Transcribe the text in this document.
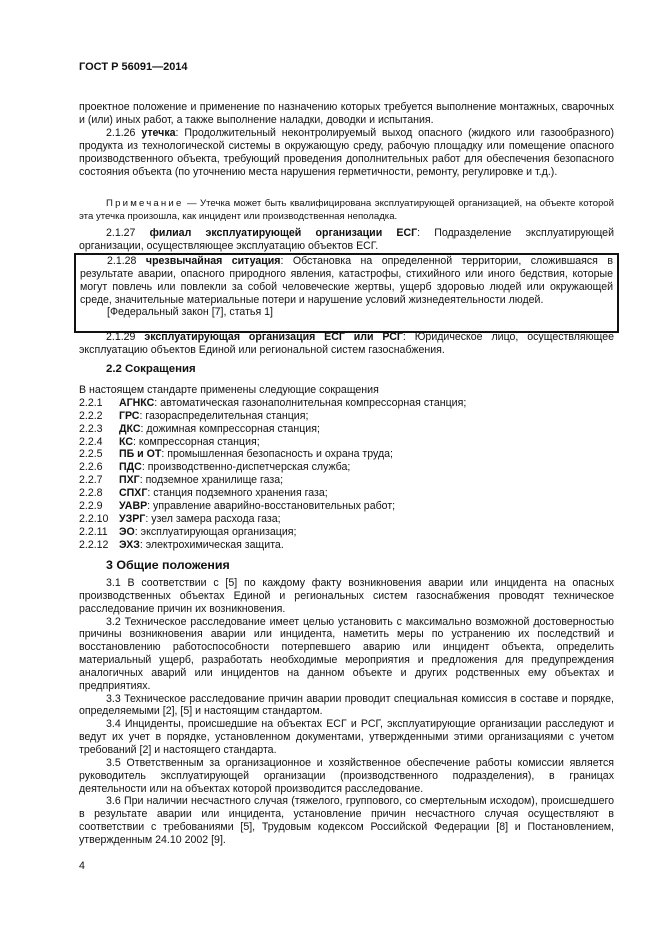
ГОСТ Р 56091—2014
проектное положение и применение по назначению которых требуется выполнение монтажных, сварочных и (или) иных работ, а также выполнение наладки, доводки и испытания.
2.1.26 утечка: Продолжительный неконтролируемый выход опасного (жидкого или газообразного) продукта из технологической системы в окружающую среду, рабочую площадку или помещение опасного производственного объекта, требующий проведения дополнительных работ для обеспечения безопасного состояния объекта (по уточнению места нарушения герметичности, ремонту, регулировке и т.д.).
Примечание — Утечка может быть квалифицирована эксплуатирующей организацией, на объекте которой эта утечка произошла, как инцидент или производственная неполадка.
2.1.27 филиал эксплуатирующей организации ЕСГ: Подразделение эксплуатирующей организации, осуществляющее эксплуатацию объектов ЕСГ.
2.1.28 чрезвычайная ситуация: Обстановка на определенной территории, сложившаяся в результате аварии, опасного природного явления, катастрофы, стихийного или иного бедствия, которые могут повлечь или повлекли за собой человеческие жертвы, ущерб здоровью людей или окружающей среде, значительные материальные потери и нарушение условий жизнедеятельности людей.
[Федеральный закон [7], статья 1]
2.1.29 эксплуатирующая организация ЕСГ или РСГ: Юридическое лицо, осуществляющее эксплуатацию объектов Единой или региональной систем газоснабжения.
2.2 Сокращения
В настоящем стандарте применены следующие сокращения
2.2.1	АГНКС: автоматическая газонаполнительная компрессорная станция;
2.2.2	ГРС: газораспределительная станция;
2.2.3	ДКС: дожимная компрессорная станция;
2.2.4	КС: компрессорная станция;
2.2.5	ПБ и ОТ: промышленная безопасность и охрана труда;
2.2.6	ПДС: производственно-диспетчерская служба;
2.2.7	ПХГ: подземное хранилище газа;
2.2.8	СПХГ: станция подземного хранения газа;
2.2.9	УАВР: управление аварийно-восстановительных работ;
2.2.10 УЗРГ: узел замера расхода газа;
2.2.11	ЭО: эксплуатирующая организация;
2.2.12 ЭХЗ: электрохимическая защита.
3 Общие положения
3.1 В соответствии с [5] по каждому факту возникновения аварии или инцидента на опасных производственных объектах Единой и региональных систем газоснабжения проводят техническое расследование причин их возникновения.
3.2 Техническое расследование имеет целью установить с максимально возможной достоверностью причины возникновения аварии или инцидента, наметить меры по устранению их последствий и восстановлению работоспособности потерпевшего аварию или инцидент объекта, определить материальный ущерб, разработать необходимые мероприятия и предложения для предупреждения аналогичных аварий или инцидентов на данном объекте и других родственных ему объектах и предприятиях.
3.3 Техническое расследование причин аварии проводит специальная комиссия в составе и порядке, определяемыми [2], [5] и настоящим стандартом.
3.4 Инциденты, происшедшие на объектах ЕСГ и РСГ, эксплуатирующие организации расследуют и ведут их учет в порядке, установленном документами, утвержденными этими организациями с учетом требований [2] и настоящего стандарта.
3.5 Ответственным за организационное и хозяйственное обеспечение работы комиссии является руководитель эксплуатирующей организации (производственного подразделения), в границах деятельности или на объектах которой производится расследование.
3.6 При наличии несчастного случая (тяжелого, группового, со смертельным исходом), происшедшего в результате аварии или инцидента, установление причин несчастного случая осуществляют в соответствии с требованиями [5], Трудовым кодексом Российской Федерации [8] и Постановлением, утвержденным 24.10 2002 [9].
4
